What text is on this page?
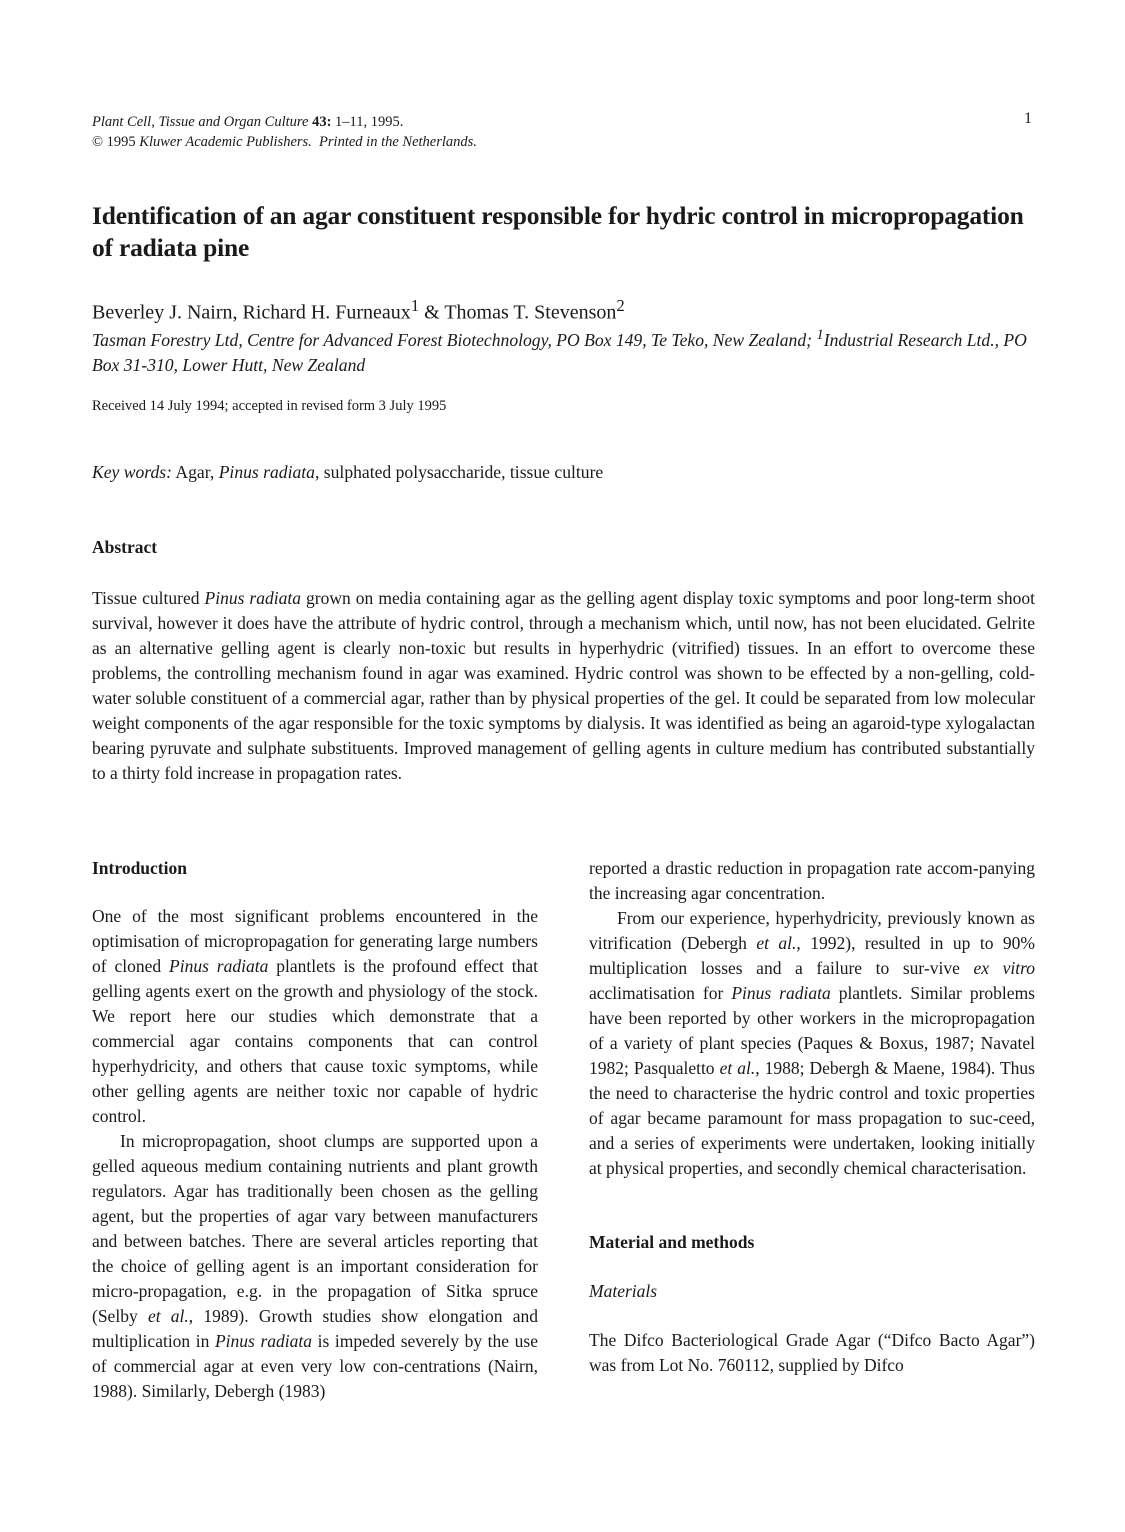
Plant Cell, Tissue and Organ Culture 43: 1–11, 1995.
© 1995 Kluwer Academic Publishers. Printed in the Netherlands.
1
Identification of an agar constituent responsible for hydric control in micropropagation of radiata pine
Beverley J. Nairn, Richard H. Furneaux$^1$ & Thomas T. Stevenson$^2$
Tasman Forestry Ltd, Centre for Advanced Forest Biotechnology, PO Box 149, Te Teko, New Zealand; $^1$Industrial Research Ltd., PO Box 31-310, Lower Hutt, New Zealand
Received 14 July 1994; accepted in revised form 3 July 1995
Key words: Agar, Pinus radiata, sulphated polysaccharide, tissue culture
Abstract

Tissue cultured Pinus radiata grown on media containing agar as the gelling agent display toxic symptoms and poor long-term shoot survival, however it does have the attribute of hydric control, through a mechanism which, until now, has not been elucidated. Gelrite as an alternative gelling agent is clearly non-toxic but results in hyperhydric (vitrified) tissues. In an effort to overcome these problems, the controlling mechanism found in agar was examined. Hydric control was shown to be effected by a non-gelling, cold-water soluble constituent of a commercial agar, rather than by physical properties of the gel. It could be separated from low molecular weight components of the agar responsible for the toxic symptoms by dialysis. It was identified as being an agaroid-type xylogalactan bearing pyruvate and sulphate substituents. Improved management of gelling agents in culture medium has contributed substantially to a thirty fold increase in propagation rates.

Introduction

One of the most significant problems encountered in the optimisation of micropropagation for generating large numbers of cloned Pinus radiata plantlets is the profound effect that gelling agents exert on the growth and physiology of the stock. We report here our studies which demonstrate that a commercial agar contains components that can control hyperhydricity, and others that cause toxic symptoms, while other gelling agents are neither toxic nor capable of hydric control.

In micropropagation, shoot clumps are supported upon a gelled aqueous medium containing nutrients and plant growth regulators. Agar has traditionally been chosen as the gelling agent, but the properties of agar vary between manufacturers and between batches. There are several articles reporting that the choice of gelling agent is an important consideration for micro-propagation, e.g. in the propagation of Sitka spruce (Selby et al., 1989). Growth studies show elongation and multiplication in Pinus radiata is impeded severely by the use of commercial agar at even very low con-centrations (Nairn, 1988). Similarly, Debergh (1983)

reported a drastic reduction in propagation rate accom-panying the increasing agar concentration.

From our experience, hyperhydricity, previously known as vitrification (Debergh et al., 1992), resulted in up to 90% multiplication losses and a failure to sur-vive ex vitro acclimatisation for Pinus radiata plantlets. Similar problems have been reported by other workers in the micropropagation of a variety of plant species (Paques & Boxus, 1987; Navatel 1982; Pasqualetto et al., 1988; Debergh & Maene, 1984). Thus the need to characterise the hydric control and toxic properties of agar became paramount for mass propagation to suc-ceed, and a series of experiments were undertaken, looking initially at physical properties, and secondly chemical characterisation.

Material and methods
Materials

The Difco Bacteriological Grade Agar (“Difco Bacto Agar”) was from Lot No. 760112, supplied by Difco
